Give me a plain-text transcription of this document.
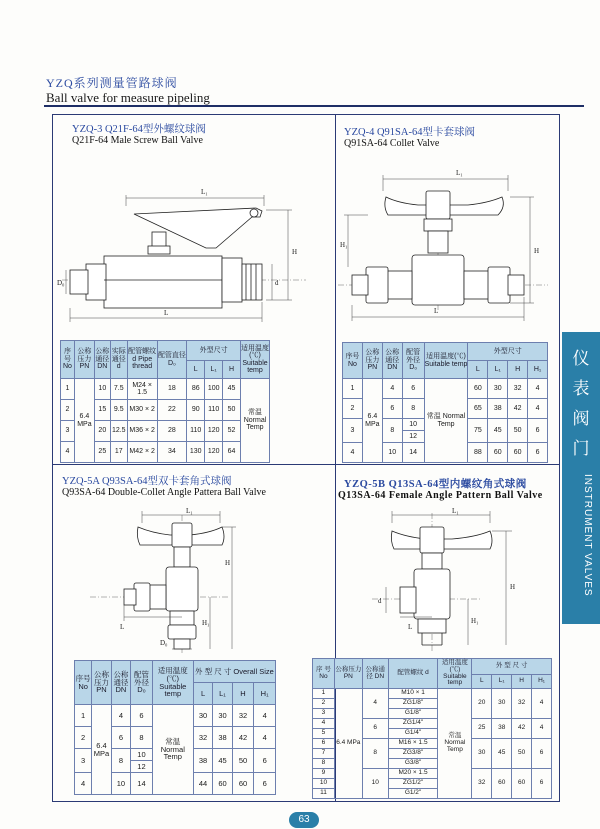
YZQ系列测量管路球阀
Ball valve for measure pipeling
YZQ-3 Q21F-64型外螺纹球阀
Q21F-64 Male Screw Ball Valve
L₁
D₀	d
H
L
序号 No	公称压力 PN	公称通径 DN	实际通径 d	配管螺纹d Pipe thread	配管直径 D₀	外型尺寸			适用温度(℃) Suitable temp
						L	L₁	H	
1	6.4 MPa	10	7.5	M24 × 1.5	18	86	100	45	常温 Normal Temp
2		15	9.5	M30 × 2	22	90	110	50	
3		20	12.5	M36 × 2	28	110	120	52	
4		25	17	M42 × 2	34	130	120	64	
YZQ-4 Q91SA-64型卡套球阀
Q91SA-64 Collet Valve
L₁
H₁
H
L
序号 No	公称压力 PN	公称通径 DN	配管外径 D₀	适用温度(℃) Suitable temp	外型尺寸			
					L	L₁	H	H₁
1	6.4 MPa	4	6	常温 Normal Temp	60	30	32	4
2		6	8		65	38	42	4
3		8	10		75	45	50	6
			12					
4		10	14		88	60	60	6
YZQ-5A Q93SA-64型双卡套角式球阀
Q93SA-64 Double-Collet Angle Pattera Ball Valve
L₁
H
H₁
L
D₀
序号 No	公称压力 PN	公称通径 DN	配管外径 D₀	适用温度(℃) Suitable temp	外 型 尺 寸 Overall Size			
					L	L₁	H	H₁
1	6.4 MPa	4	6	常温 Normal Temp	30	30	32	4
2		6	8		32	38	42	4
3		8	10		38	45	50	6
			12					
4		10	14		44	60	60	6
YZQ-5B Q13SA-64型内螺纹角式球阀
Q13SA-64 Female Angle Pattern Ball Valve
L₁
d
H
H₁
L
序 号 No	公称压力 PN	公称通径 DN	配管螺纹 d	适用温度 (℃) Suitable temp	外 型 尺 寸			
					L	L₁	H	H₁
1	6.4 MPa	4	M10 × 1	常温 Normal Temp	20	30	32	4
2			ZG1/8"					
3			G1/8"					
4		6	ZG1/4"		25	38	42	4
5			G1/4"					
6		8	M16 × 1.5		30	45	50	6
7			ZG3/8"					
8			G3/8"					
9		10	M20 × 1.5		32	60	60	6
10			ZG1/2"					
11			G1/2"					
仪
表
阀
门
INSTRUMENT VALVES
63
